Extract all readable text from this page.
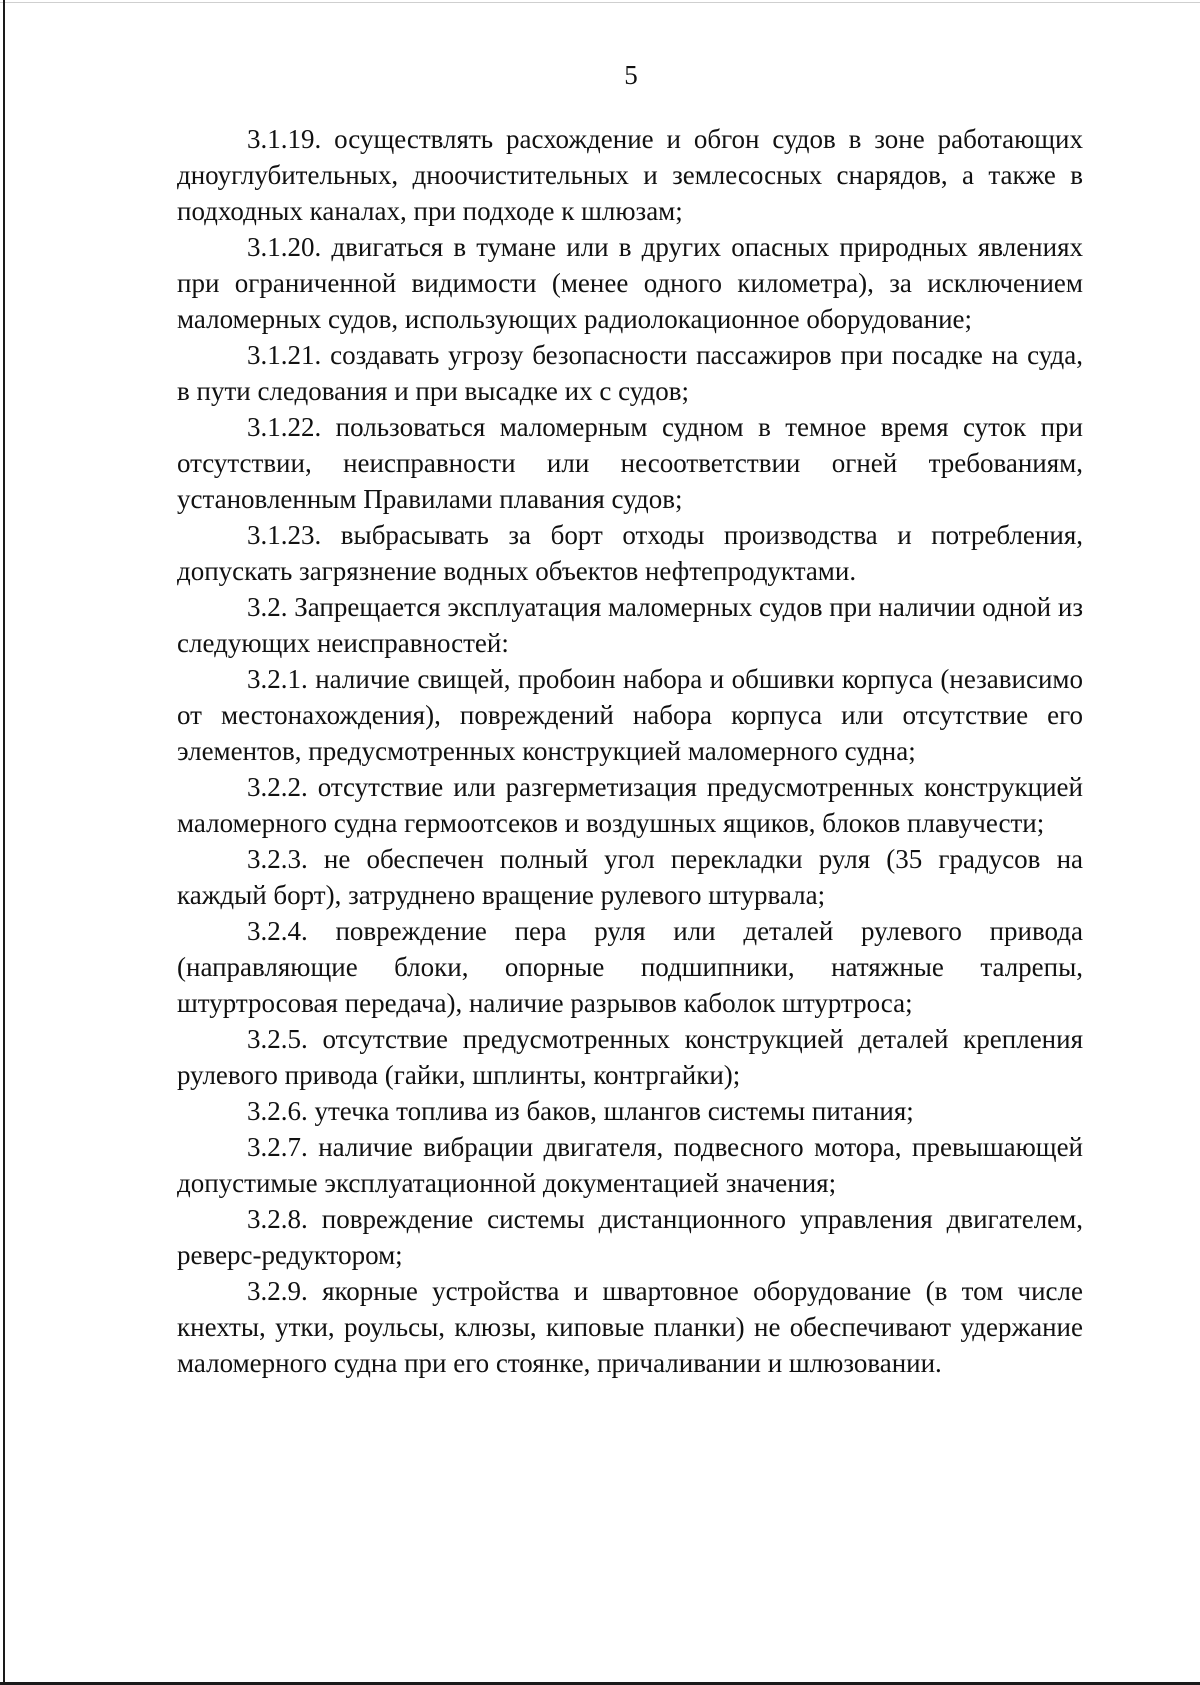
5

3.1.19. осуществлять расхождение и обгон судов в зоне работающих дноуглубительных, дноочистительных и землесосных снарядов, а также в подходных каналах, при подходе к шлюзам;

3.1.20. двигаться в тумане или в других опасных природных явлениях при ограниченной видимости (менее одного километра), за исключением маломерных судов, использующих радиолокационное оборудование;

3.1.21. создавать угрозу безопасности пассажиров при посадке на суда, в пути следования и при высадке их с судов;

3.1.22. пользоваться маломерным судном в темное время суток при отсутствии, неисправности или несоответствии огней требованиям, установленным Правилами плавания судов;

3.1.23. выбрасывать за борт отходы производства и потребления, допускать загрязнение водных объектов нефтепродуктами.

3.2. Запрещается эксплуатация маломерных судов при наличии одной из следующих неисправностей:

3.2.1. наличие свищей, пробоин набора и обшивки корпуса (независимо от местонахождения), повреждений набора корпуса или отсутствие его элементов, предусмотренных конструкцией маломерного судна;

3.2.2. отсутствие или разгерметизация предусмотренных конструкцией маломерного судна гермоотсеков и воздушных ящиков, блоков плавучести;

3.2.3. не обеспечен полный угол перекладки руля (35 градусов на каждый борт), затруднено вращение рулевого штурвала;

3.2.4. повреждение пера руля или деталей рулевого привода (направляющие блоки, опорные подшипники, натяжные талрепы, штуртросовая передача), наличие разрывов каболок штуртроса;

3.2.5. отсутствие предусмотренных конструкцией деталей крепления рулевого привода (гайки, шплинты, контргайки);

3.2.6. утечка топлива из баков, шлангов системы питания;

3.2.7. наличие вибрации двигателя, подвесного мотора, превышающей допустимые эксплуатационной документацией значения;

3.2.8. повреждение системы дистанционного управления двигателем, реверс-редуктором;

3.2.9. якорные устройства и швартовное оборудование (в том числе кнехты, утки, роульсы, клюзы, киповые планки) не обеспечивают удержание маломерного судна при его стоянке, причаливании и шлюзовании.
